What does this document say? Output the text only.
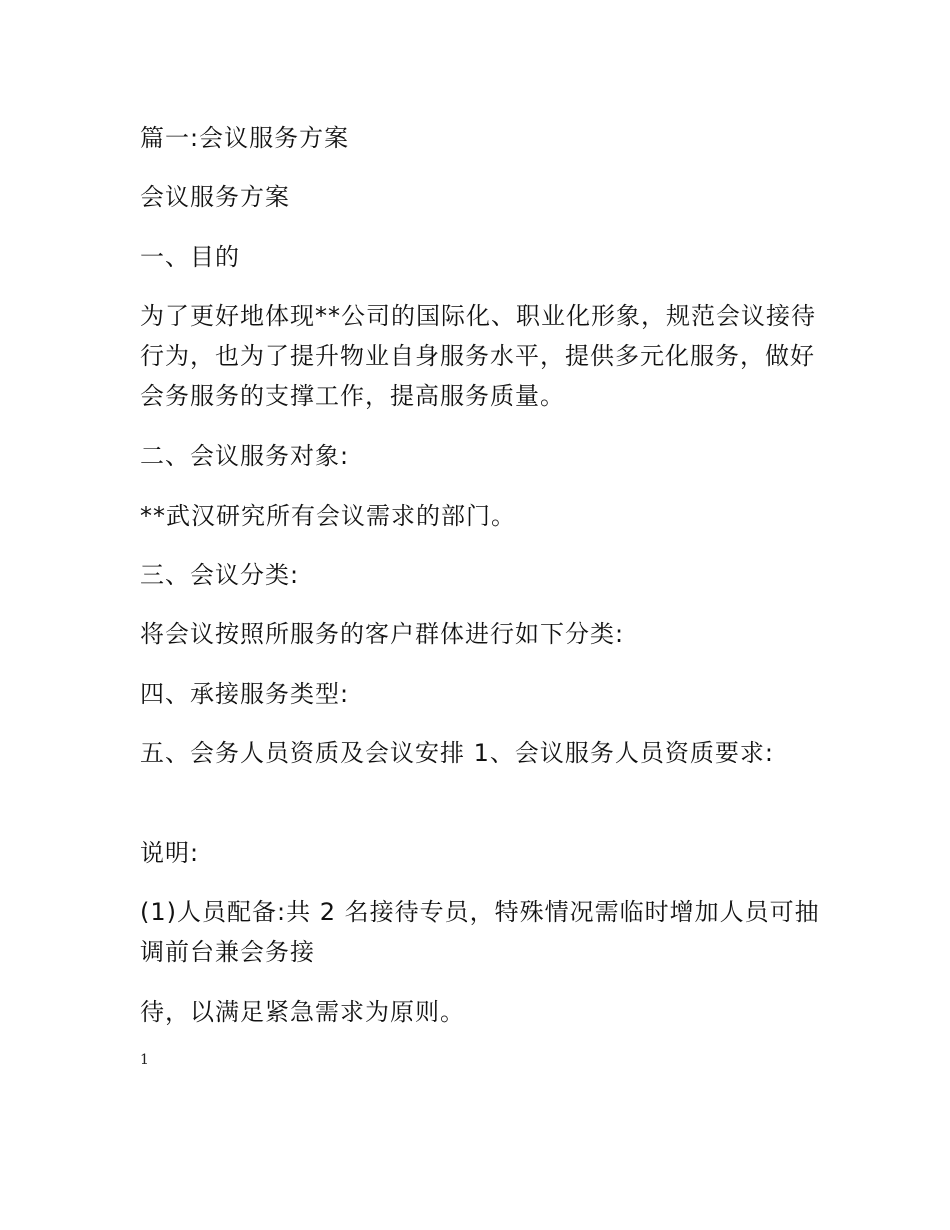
篇一:会议服务方案

会议服务方案

一、目的

为了更好地体现**公司的国际化、职业化形象，规范会议接待行为，也为了提升物业自身服务水平，提供多元化服务，做好会务服务的支撑工作，提高服务质量。

二、会议服务对象:

**武汉研究所有会议需求的部门。

三、会议分类:

将会议按照所服务的客户群体进行如下分类:

四、承接服务类型:

五、会务人员资质及会议安排 1、会议服务人员资质要求:

说明:

(1)人员配备:共 2 名接待专员，特殊情况需临时增加人员可抽调前台兼会务接

待，以满足紧急需求为原则。

1
